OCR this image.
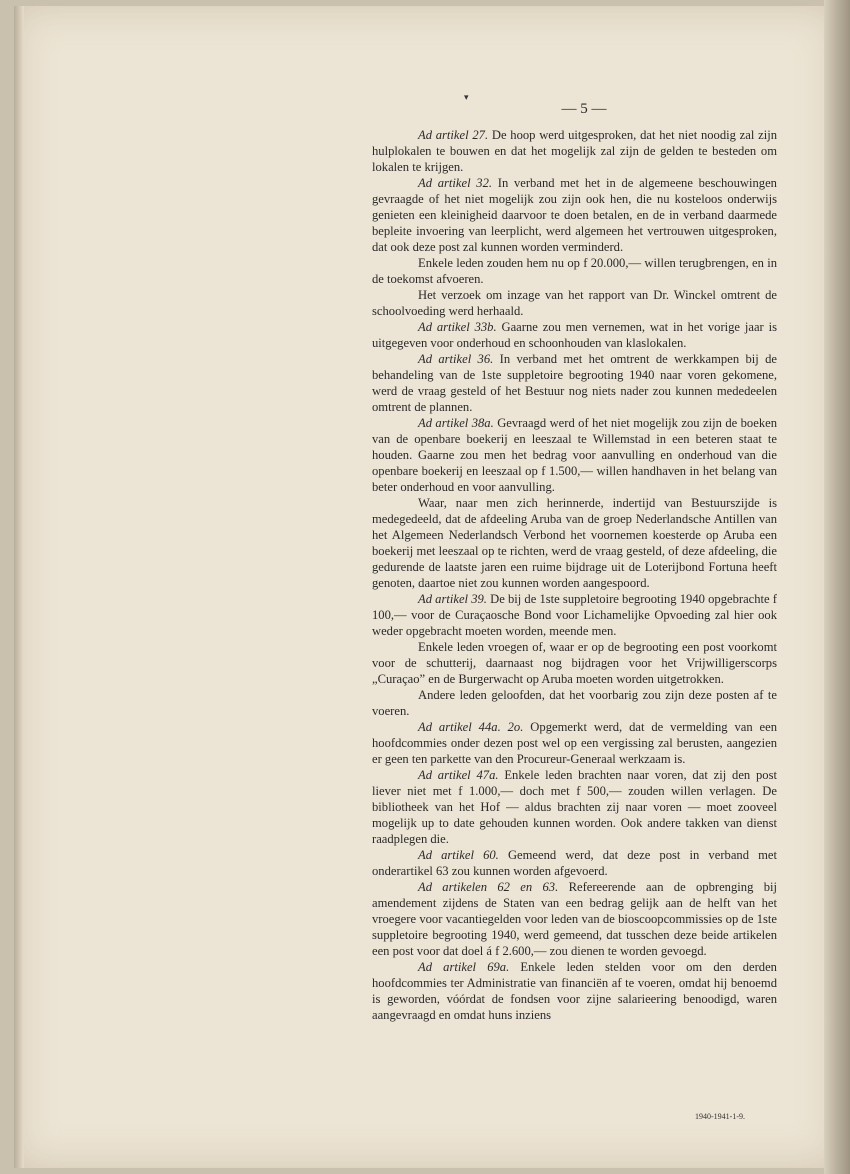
▾
— 5 —

Ad artikel 27. De hoop werd uitgesproken, dat het niet noodig zal zijn hulplokalen te bouwen en dat het mogelijk zal zijn de gelden te besteden om lokalen te krijgen.

Ad artikel 32. In verband met het in de algemeene beschouwingen gevraagde of het niet mogelijk zou zijn ook hen, die nu kosteloos onderwijs genieten een kleinigheid daarvoor te doen betalen, en de in verband daarmede bepleite invoering van leerplicht, werd algemeen het vertrouwen uitgesproken, dat ook deze post zal kunnen worden verminderd.

Enkele leden zouden hem nu op f 20.000,— willen terugbrengen, en in de toekomst afvoeren.

Het verzoek om inzage van het rapport van Dr. Winckel omtrent de schoolvoeding werd herhaald.

Ad artikel 33b. Gaarne zou men vernemen, wat in het vorige jaar is uitgegeven voor onderhoud en schoonhouden van klaslokalen.

Ad artikel 36. In verband met het omtrent de werkkampen bij de behandeling van de 1ste suppletoire begrooting 1940 naar voren gekomene, werd de vraag gesteld of het Bestuur nog niets nader zou kunnen mededeelen omtrent de plannen.

Ad artikel 38a. Gevraagd werd of het niet mogelijk zou zijn de boeken van de openbare boekerij en leeszaal te Willemstad in een beteren staat te houden. Gaarne zou men het bedrag voor aanvulling en onderhoud van die openbare boekerij en leeszaal op f 1.500,— willen handhaven in het belang van beter onderhoud en voor aanvulling.

Waar, naar men zich herinnerde, indertijd van Bestuurszijde is medegedeeld, dat de afdeeling Aruba van de groep Nederlandsche Antillen van het Algemeen Nederlandsch Verbond het voornemen koesterde op Aruba een boekerij met leeszaal op te richten, werd de vraag gesteld, of deze afdeeling, die gedurende de laatste jaren een ruime bijdrage uit de Loterijbond Fortuna heeft genoten, daartoe niet zou kunnen worden aangespoord.

Ad artikel 39. De bij de 1ste suppletoire begrooting 1940 opgebrachte f 100,— voor de Curaçaosche Bond voor Lichamelijke Opvoeding zal hier ook weder opgebracht moeten worden, meende men.

Enkele leden vroegen of, waar er op de begrooting een post voorkomt voor de schutterij, daarnaast nog bijdragen voor het Vrijwilligerscorps „Curaçao” en de Burgerwacht op Aruba moeten worden uitgetrokken.

Andere leden geloofden, dat het voorbarig zou zijn deze posten af te voeren.

Ad artikel 44a. 2o. Opgemerkt werd, dat de vermelding van een hoofdcommies onder dezen post wel op een vergissing zal berusten, aangezien er geen ten parkette van den Procureur-Generaal werkzaam is.

Ad artikel 47a. Enkele leden brachten naar voren, dat zij den post liever niet met f 1.000,— doch met f 500,— zouden willen verlagen. De bibliotheek van het Hof — aldus brachten zij naar voren — moet zooveel mogelijk up to date gehouden kunnen worden. Ook andere takken van dienst raadplegen die.

Ad artikel 60. Gemeend werd, dat deze post in verband met onderartikel 63 zou kunnen worden afgevoerd.

Ad artikelen 62 en 63. Refereerende aan de opbrenging bij amendement zijdens de Staten van een bedrag gelijk aan de helft van het vroegere voor vacantiegelden voor leden van de bioscoopcommissies op de 1ste suppletoire begrooting 1940, werd gemeend, dat tusschen deze beide artikelen een post voor dat doel á f 2.600,— zou dienen te worden gevoegd.

Ad artikel 69a. Enkele leden stelden voor om den derden hoofdcommies ter Administratie van financiën af te voeren, omdat hij benoemd is geworden, vóórdat de fondsen voor zijne salarieering benoodigd, waren aangevraagd en omdat huns inziens

1940-1941-1-9.
